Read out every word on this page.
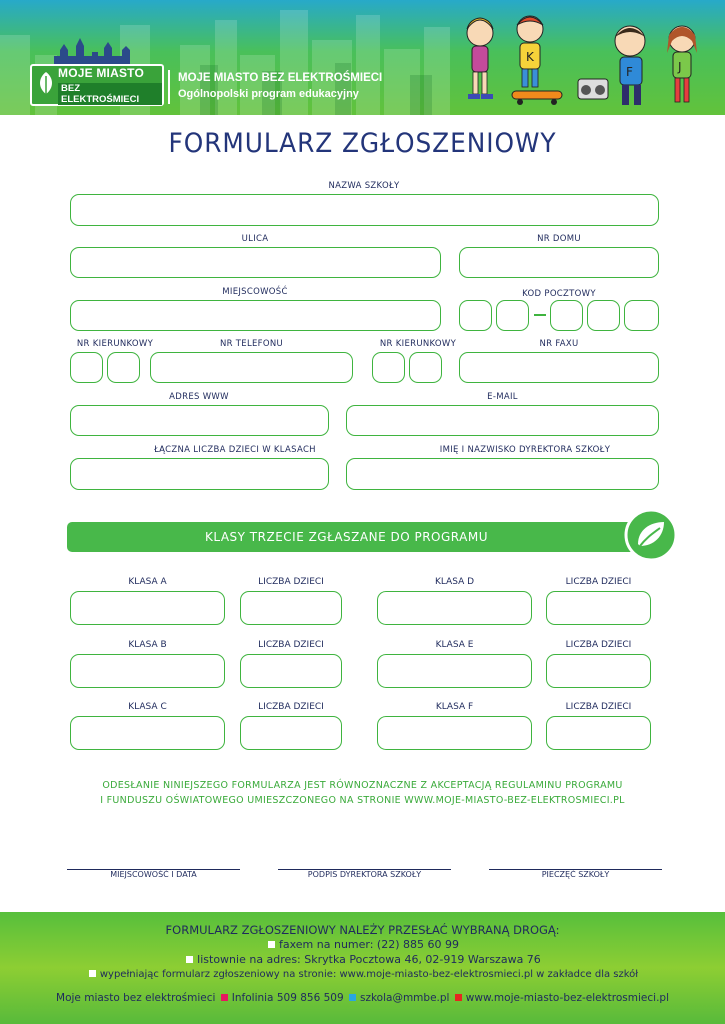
MOJE MIASTO
BEZ ELEKTROŚMIECI
MOJE MIASTO BEZ ELEKTROŚMIECI
Ogólnopolski program edukacyjny
K
F	J
FORMULARZ ZGŁOSZENIOWY
NAZWA SZKOŁY
ULICA	NR DOMU
MIEJSCOWOŚĆ	KOD POCZTOWY
NR KIERUNKOWY	NR TELEFONU	NR KIERUNKOWY	NR FAXU
ADRES WWW	E-MAIL
ŁĄCZNA LICZBA DZIECI W KLASACH	IMIĘ I NAZWISKO DYREKTORA SZKOŁY
KLASY TRZECIE ZGŁASZANE DO PROGRAMU
KLASA A	LICZBA DZIECI	KLASA D	LICZBA DZIECI
KLASA B	LICZBA DZIECI	KLASA E	LICZBA DZIECI
KLASA C	LICZBA DZIECI	KLASA F	LICZBA DZIECI
ODESŁANIE NINIEJSZEGO FORMULARZA JEST RÓWNOZNACZNE Z AKCEPTACJĄ REGULAMINU PROGRAMU
I FUNDUSZU OŚWIATOWEGO UMIESZCZONEGO NA STRONIE WWW.MOJE-MIASTO-BEZ-ELEKTROSMIECI.PL
MIEJSCOWOŚĆ I DATA	PODPIS DYREKTORA SZKOŁY	PIECZĘĆ SZKOŁY
FORMULARZ ZGŁOSZENIOWY NALEŻY PRZESŁAĆ WYBRANĄ DROGĄ:
faxem na numer: (22) 885 60 99
listownie na adres: Skrytka Pocztowa 46, 02-919 Warszawa 76
wypełniając formularz zgłoszeniowy na stronie: www.moje-miasto-bez-elektrosmieci.pl w zakładce dla szkół
Moje miasto bez elektrośmieci Infolinia 509 856 509 szkola@mmbe.pl www.moje-miasto-bez-elektrosmieci.pl
